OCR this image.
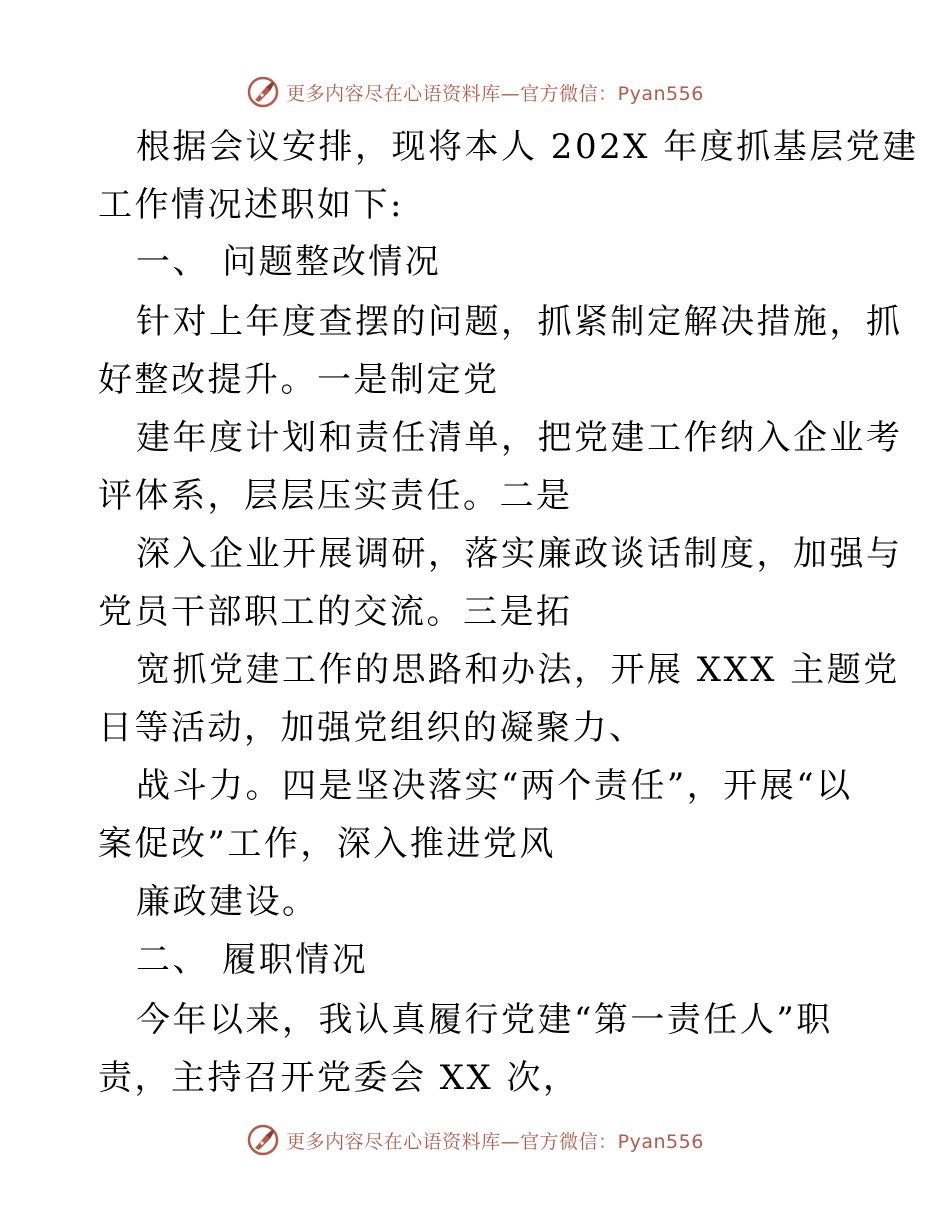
更多内容尽在心语资料库—官方微信：Pyan556
根据会议安排，现将本人 202X 年度抓基层党建
工作情况述职如下:
一、 问题整改情况
针对上年度查摆的问题，抓紧制定解决措施，抓
好整改提升。一是制定党
建年度计划和责任清单，把党建工作纳入企业考
评体系，层层压实责任。二是
深入企业开展调研，落实廉政谈话制度，加强与
党员干部职工的交流。三是拓
宽抓党建工作的思路和办法，开展 XXX 主题党
日等活动，加强党组织的凝聚力、
战斗力。四是坚决落实“两个责任”，开展“以
案促改”工作，深入推进党风
廉政建设。
二、 履职情况
今年以来，我认真履行党建“第一责任人”职
责，主持召开党委会 XX 次，
更多内容尽在心语资料库—官方微信：Pyan556
